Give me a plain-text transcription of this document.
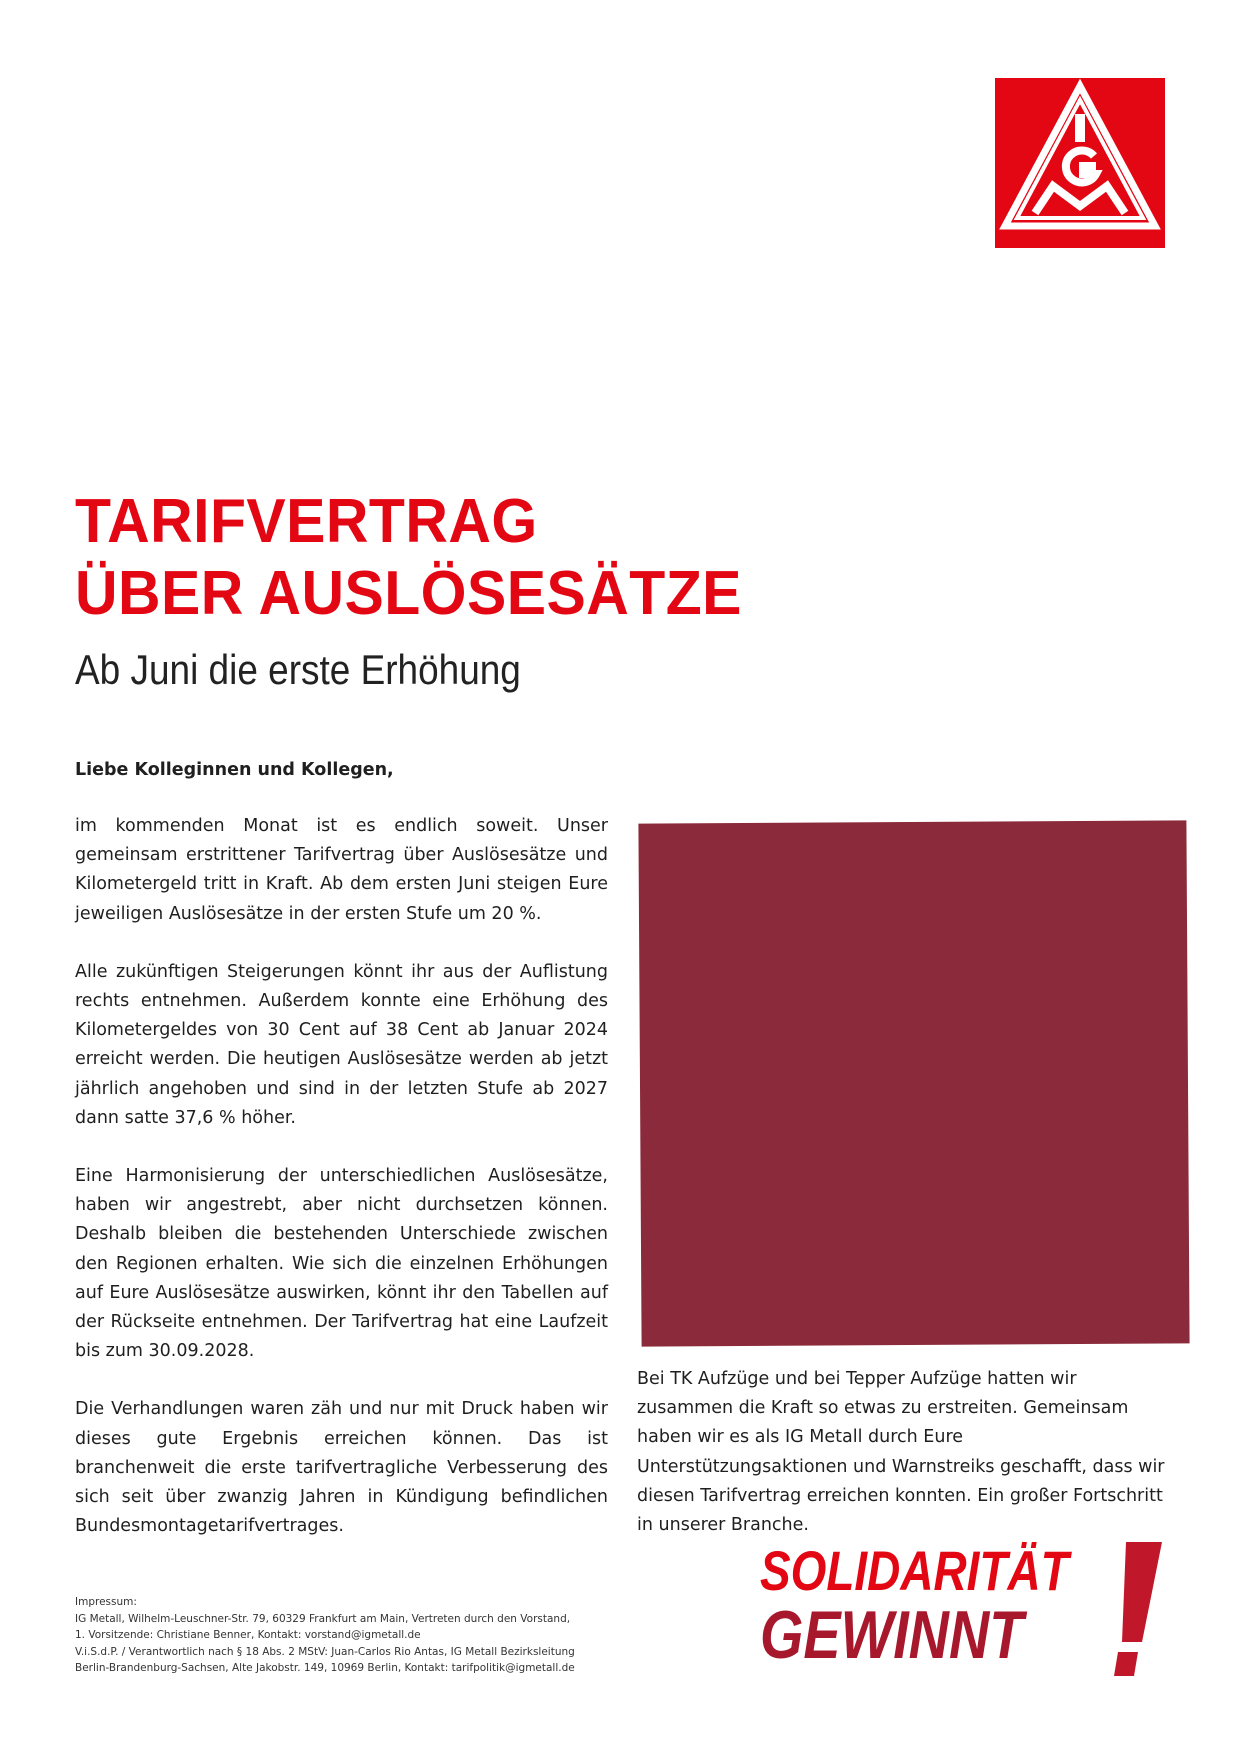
TARIFVERTRAG
ÜBER AUSLÖSESÄTZE
Ab Juni die erste Erhöhung

Liebe Kolleginnen und Kollegen,

im kommenden Monat ist es endlich soweit. Unser gemeinsam erstrittener Tarifvertrag über Auslösesätze und Kilometergeld tritt in Kraft. Ab dem ersten Juni steigen Eure jeweiligen Auslösesätze in der ersten Stufe um 20 %.

Alle zukünftigen Steigerungen könnt ihr aus der Auflistung rechts entnehmen. Außerdem konnte eine Erhöhung des Kilometergeldes von 30 Cent auf 38 Cent ab Januar 2024 erreicht werden. Die heutigen Auslösesätze werden ab jetzt jährlich angehoben und sind in der letzten Stufe ab 2027 dann satte 37,6 % höher.

Eine Harmonisierung der unterschiedlichen Auslösesätze, haben wir angestrebt, aber nicht durchsetzen können. Deshalb bleiben die bestehenden Unterschiede zwischen den Regionen erhalten. Wie sich die einzelnen Erhöhungen auf Eure Auslösesätze auswirken, könnt ihr den Tabellen auf der Rückseite entnehmen. Der Tarifvertrag hat eine Laufzeit bis zum 30.09.2028.

Die Verhandlungen waren zäh und nur mit Druck haben wir dieses gute Ergebnis erreichen können. Das ist branchenweit die erste tarifvertragliche Verbesserung des sich seit über zwanzig Jahren in Kündigung befindlichen Bundesmontagetarifvertrages.

Bei TK Aufzüge und bei Tepper Aufzüge hatten wir zusammen die Kraft so etwas zu erstreiten. Gemeinsam haben wir es als IG Metall durch Eure Unterstützungsaktionen und Warnstreiks geschafft, dass wir diesen Tarifvertrag erreichen konnten. Ein großer Fortschritt in unserer Branche.

Impressum:
IG Metall, Wilhelm-Leuschner-Str. 79, 60329 Frankfurt am Main, Vertreten durch den Vorstand,
1. Vorsitzende: Christiane Benner, Kontakt: vorstand@igmetall.de
V.i.S.d.P. / Verantwortlich nach § 18 Abs. 2 MStV: Juan-Carlos Rio Antas, IG Metall Bezirksleitung
Berlin-Brandenburg-Sachsen, Alte Jakobstr. 149, 10969 Berlin, Kontakt: tarifpolitik@igmetall.de
SOLIDARITÄT
GEWINNT
